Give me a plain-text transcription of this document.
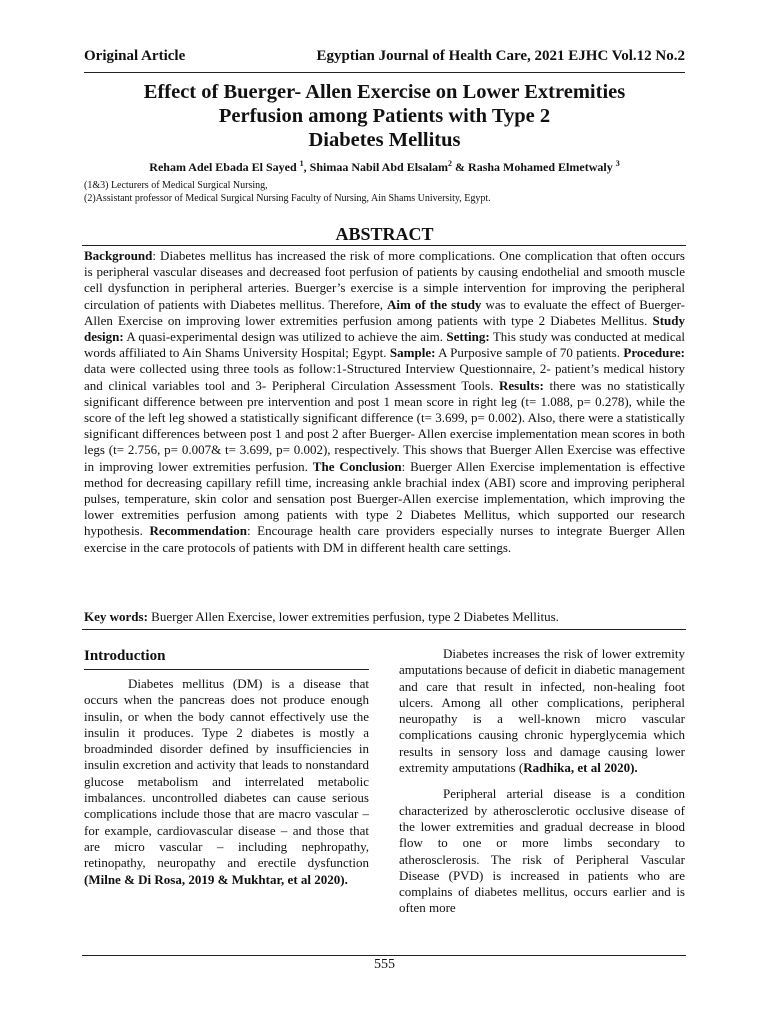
Original Article	Egyptian Journal of Health Care, 2021 EJHC Vol.12 No.2
Effect of Buerger- Allen Exercise on Lower Extremities
Perfusion among Patients with Type 2
Diabetes Mellitus
Reham Adel Ebada El Sayed $^1$, Shimaa Nabil Abd Elsalam$^2$ & Rasha Mohamed Elmetwaly $^3$
(1&3) Lecturers of Medical Surgical Nursing,
(2)Assistant professor of Medical Surgical Nursing Faculty of Nursing, Ain Shams University, Egypt.
ABSTRACT
Background: Diabetes mellitus has increased the risk of more complications. One complication that often occurs is peripheral vascular diseases and decreased foot perfusion of patients by causing endothelial and smooth muscle cell dysfunction in peripheral arteries. Buerger’s exercise is a simple intervention for improving the peripheral circulation of patients with Diabetes mellitus. Therefore, Aim of the study was to evaluate the effect of Buerger-Allen Exercise on improving lower extremities perfusion among patients with type 2 Diabetes Mellitus. Study design: A quasi-experimental design was utilized to achieve the aim. Setting: This study was conducted at medical words affiliated to Ain Shams University Hospital; Egypt. Sample: A Purposive sample of 70 patients. Procedure: data were collected using three tools as follow:1-Structured Interview Questionnaire, 2- patient’s medical history and clinical variables tool and 3- Peripheral Circulation Assessment Tools. Results: there was no statistically significant difference between pre intervention and post 1 mean score in right leg (t= 1.088, p= 0.278), while the score of the left leg showed a statistically significant difference (t= 3.699, p= 0.002). Also, there were a statistically significant differences between post 1 and post 2 after Buerger- Allen exercise implementation mean scores in both legs (t= 2.756, p= 0.007& t= 3.699, p= 0.002), respectively. This shows that Buerger Allen Exercise was effective in improving lower extremities perfusion. The Conclusion: Buerger Allen Exercise implementation is effective method for decreasing capillary refill time, increasing ankle brachial index (ABI) score and improving peripheral pulses, temperature, skin color and sensation post Buerger-Allen exercise implementation, which improving the lower extremities perfusion among patients with type 2 Diabetes Mellitus, which supported our research hypothesis. Recommendation: Encourage health care providers especially nurses to integrate Buerger Allen exercise in the care protocols of patients with DM in different health care settings.
Key words: Buerger Allen Exercise, lower extremities perfusion, type 2 Diabetes Mellitus.
Introduction

Diabetes mellitus (DM) is a disease that occurs when the pancreas does not produce enough insulin, or when the body cannot effectively use the insulin it produces. Type 2 diabetes is mostly a broadminded disorder defined by insufficiencies in insulin excretion and activity that leads to nonstandard glucose metabolism and interrelated metabolic imbalances. uncontrolled diabetes can cause serious complications include those that are macro vascular – for example, cardiovascular disease – and those that are micro vascular – including nephropathy, retinopathy, neuropathy and erectile dysfunction (Milne & Di Rosa, 2019 & Mukhtar, et al 2020).

Diabetes increases the risk of lower extremity amputations because of deficit in diabetic management and care that result in infected, non-healing foot ulcers. Among all other complications, peripheral neuropathy is a well-known micro vascular complications causing chronic hyperglycemia which results in sensory loss and damage causing lower extremity amputations (Radhika, et al 2020).

Peripheral arterial disease is a condition characterized by atherosclerotic occlusive disease of the lower extremities and gradual decrease in blood flow to one or more limbs secondary to atherosclerosis. The risk of Peripheral Vascular Disease (PVD) is increased in patients who are complains of diabetes mellitus, occurs earlier and is often more

555
